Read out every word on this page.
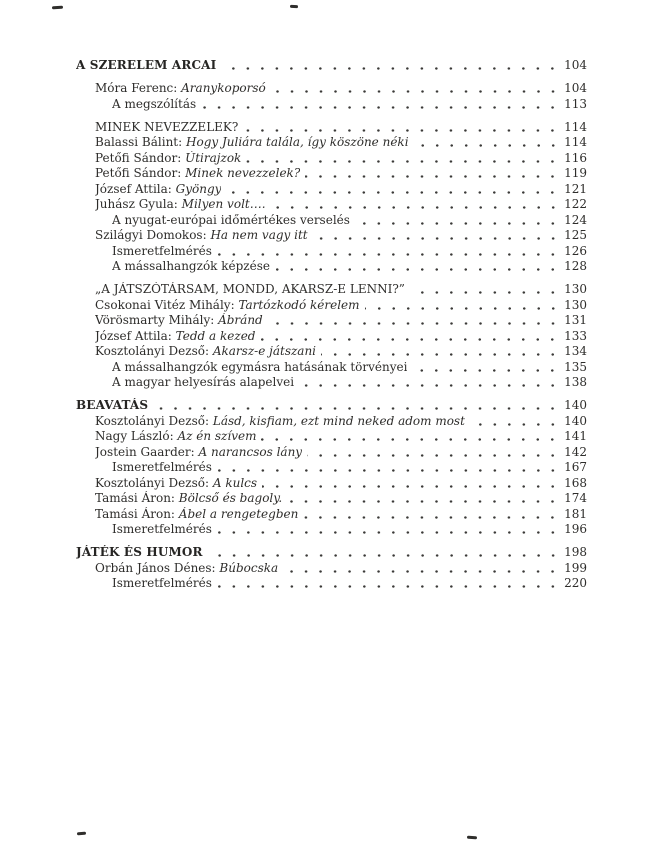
A SZERELEM ARCAI	104
Móra Ferenc: Aranykoporsó	104
A megszólítás	113
MINEK NEVEZZELEK?	114
Balassi Bálint: Hogy Juliára talála, így köszöne néki	114
Petőfi Sándor: Útirajzok	116
Petőfi Sándor: Minek nevezzelek?	119
József Attila: Gyöngy	121
Juhász Gyula: Milyen volt….	122
A nyugat-európai időmértékes verselés	124
Szilágyi Domokos: Ha nem vagy itt	125
Ismeretfelmérés	126
A mássalhangzók képzése	128
„A JÁTSZÓTÁRSAM, MONDD, AKARSZ-E LENNI?”	130
Csokonai Vitéz Mihály: Tartózkodó kérelem	130
Vörösmarty Mihály: Ábránd	131
József Attila: Tedd a kezed	133
Kosztolányi Dezső: Akarsz-e játszani	134
A mássalhangzók egymásra hatásának törvényei	135
A magyar helyesírás alapelvei	138
BEAVATÁS	140
Kosztolányi Dezső: Lásd, kisfiam, ezt mind neked adom most	140
Nagy László: Az én szívem	141
Jostein Gaarder: A narancsos lány	142
Ismeretfelmérés	167
Kosztolányi Dezső: A kulcs	168
Tamási Áron: Bölcső és bagoly.	174
Tamási Áron: Ábel a rengetegben	181
Ismeretfelmérés	196
JÁTÉK ÉS HUMOR	198
Orbán János Dénes: Búbocska	199
Ismeretfelmérés	220
